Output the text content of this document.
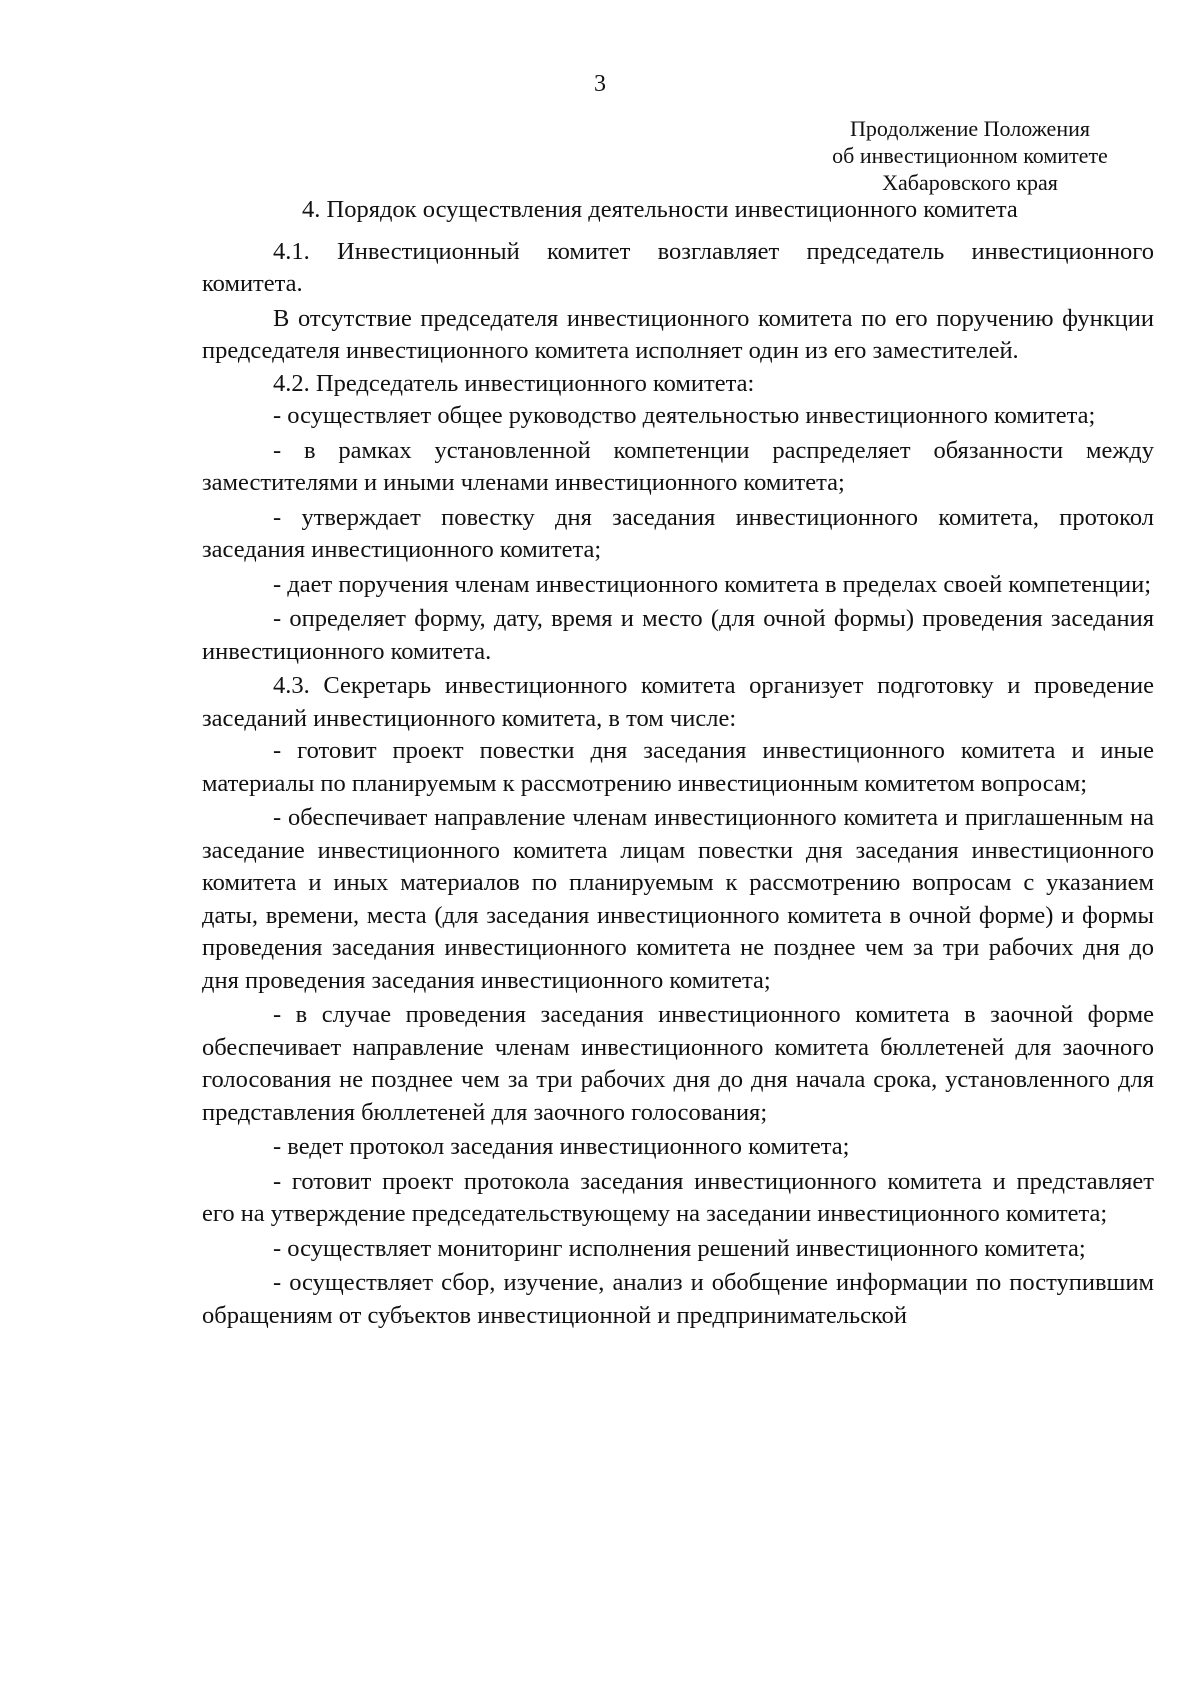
3
Продолжение Положения
об инвестиционном комитете
Хабаровского края
4. Порядок осуществления деятельности инвестиционного комитета

4.1. Инвестиционный комитет возглавляет председатель инвестиционного комитета.

В отсутствие председателя инвестиционного комитета по его поручению функции председателя инвестиционного комитета исполняет один из его заместителей.

4.2. Председатель инвестиционного комитета:

- осуществляет общее руководство деятельностью инвестиционного комитета;

- в рамках установленной компетенции распределяет обязанности между заместителями и иными членами инвестиционного комитета;

- утверждает повестку дня заседания инвестиционного комитета, протокол заседания инвестиционного комитета;

- дает поручения членам инвестиционного комитета в пределах своей компетенции;

- определяет форму, дату, время и место (для очной формы) проведения заседания инвестиционного комитета.

4.3. Секретарь инвестиционного комитета организует подготовку и проведение заседаний инвестиционного комитета, в том числе:

- готовит проект повестки дня заседания инвестиционного комитета и иные материалы по планируемым к рассмотрению инвестиционным комитетом вопросам;

- обеспечивает направление членам инвестиционного комитета и приглашенным на заседание инвестиционного комитета лицам повестки дня заседания инвестиционного комитета и иных материалов по планируемым к рассмотрению вопросам с указанием даты, времени, места (для заседания инвестиционного комитета в очной форме) и формы проведения заседания инвестиционного комитета не позднее чем за три рабочих дня до дня проведения заседания инвестиционного комитета;

- в случае проведения заседания инвестиционного комитета в заочной форме обеспечивает направление членам инвестиционного комитета бюллетеней для заочного голосования не позднее чем за три рабочих дня до дня начала срока, установленного для представления бюллетеней для заочного голосования;

- ведет протокол заседания инвестиционного комитета;

- готовит проект протокола заседания инвестиционного комитета и представляет его на утверждение председательствующему на заседании инвестиционного комитета;

- осуществляет мониторинг исполнения решений инвестиционного комитета;

- осуществляет сбор, изучение, анализ и обобщение информации по поступившим обращениям от субъектов инвестиционной и предпринимательской
